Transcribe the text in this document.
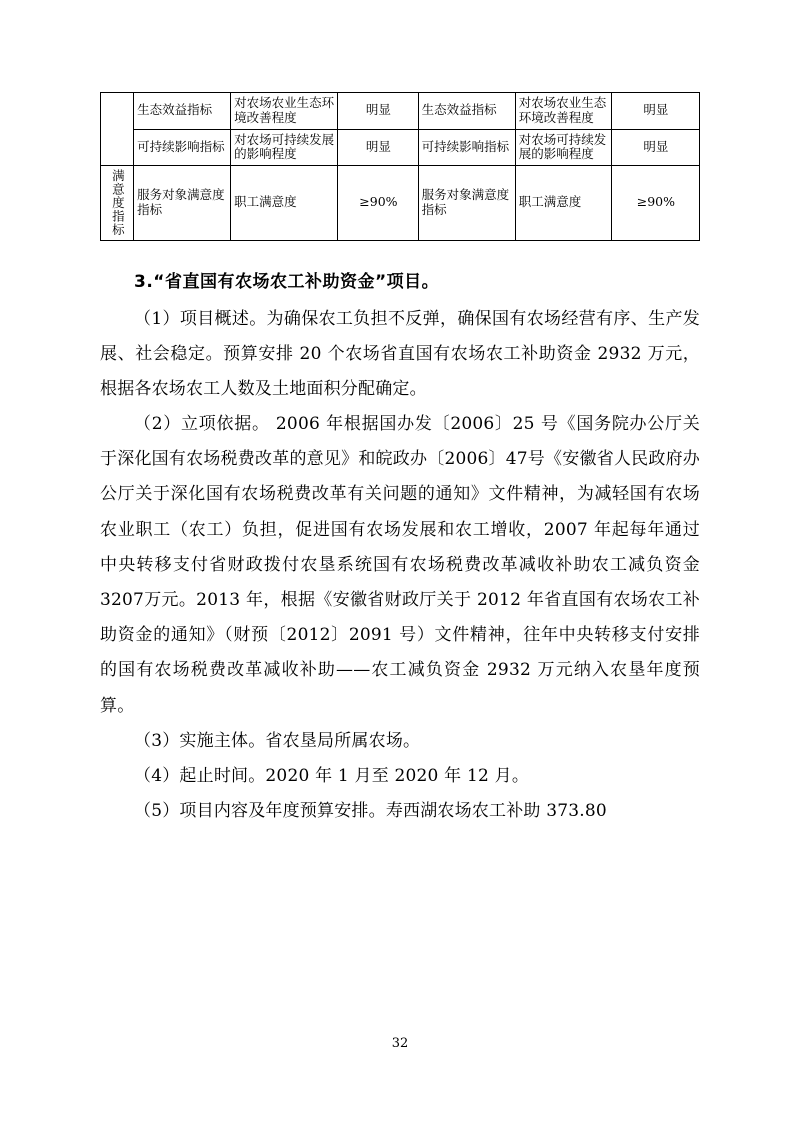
	生态效益指标	对农场农业生态环境改善程度	明显	生态效益指标	对农场农业生态环境改善程度	明显
	可持续影响指标	对农场可持续发展的影响程度	明显	可持续影响指标	对农场可持续发展的影响程度	明显
满意度指标	服务对象满意度指标	职工满意度	≥90%	服务对象满意度指标	职工满意度	≥90%
3.“省直国有农场农工补助资金”项目。

（1）项目概述。为确保农工负担不反弹，确保国有农场经营有序、生产发展、社会稳定。预算安排 20 个农场省直国有农场农工补助资金 2932 万元，根据各农场农工人数及土地面积分配确定。

（2）立项依据。 2006 年根据国办发〔2006〕25 号《国务院办公厅关于深化国有农场税费改革的意见》和皖政办〔2006〕47号《安徽省人民政府办公厅关于深化国有农场税费改革有关问题的通知》文件精神，为减轻国有农场农业职工（农工）负担，促进国有农场发展和农工增收，2007 年起每年通过中央转移支付省财政拨付农垦系统国有农场税费改革减收补助农工减负资金3207万元。2013 年，根据《安徽省财政厅关于 2012 年省直国有农场农工补助资金的通知》（财预〔2012〕2091 号）文件精神，往年中央转移支付安排的国有农场税费改革减收补助——农工减负资金 2932 万元纳入农垦年度预算。

（3）实施主体。省农垦局所属农场。

（4）起止时间。2020 年 1 月至 2020 年 12 月。

（5）项目内容及年度预算安排。寿西湖农场农工补助 373.80

32
